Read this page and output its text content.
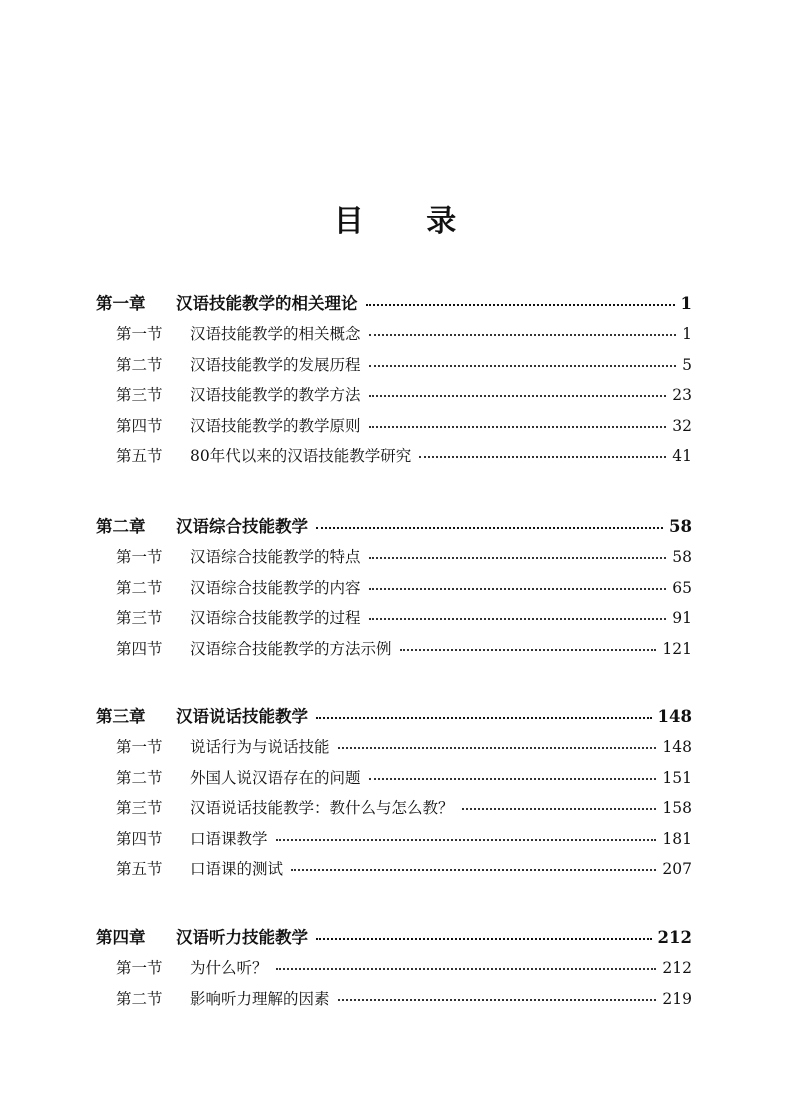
目 录
第一章	汉语技能教学的相关理论	1
第一节	汉语技能教学的相关概念	1
第二节	汉语技能教学的发展历程	5
第三节	汉语技能教学的教学方法	23
第四节	汉语技能教学的教学原则	32
第五节	80年代以来的汉语技能教学研究	41
第二章	汉语综合技能教学	58
第一节	汉语综合技能教学的特点	58
第二节	汉语综合技能教学的内容	65
第三节	汉语综合技能教学的过程	91
第四节	汉语综合技能教学的方法示例	121
第三章	汉语说话技能教学	148
第一节	说话行为与说话技能	148
第二节	外国人说汉语存在的问题	151
第三节	汉语说话技能教学：教什么与怎么教？	158
第四节	口语课教学	181
第五节	口语课的测试	207
第四章	汉语听力技能教学	212
第一节	为什么听？	212
第二节	影响听力理解的因素	219
